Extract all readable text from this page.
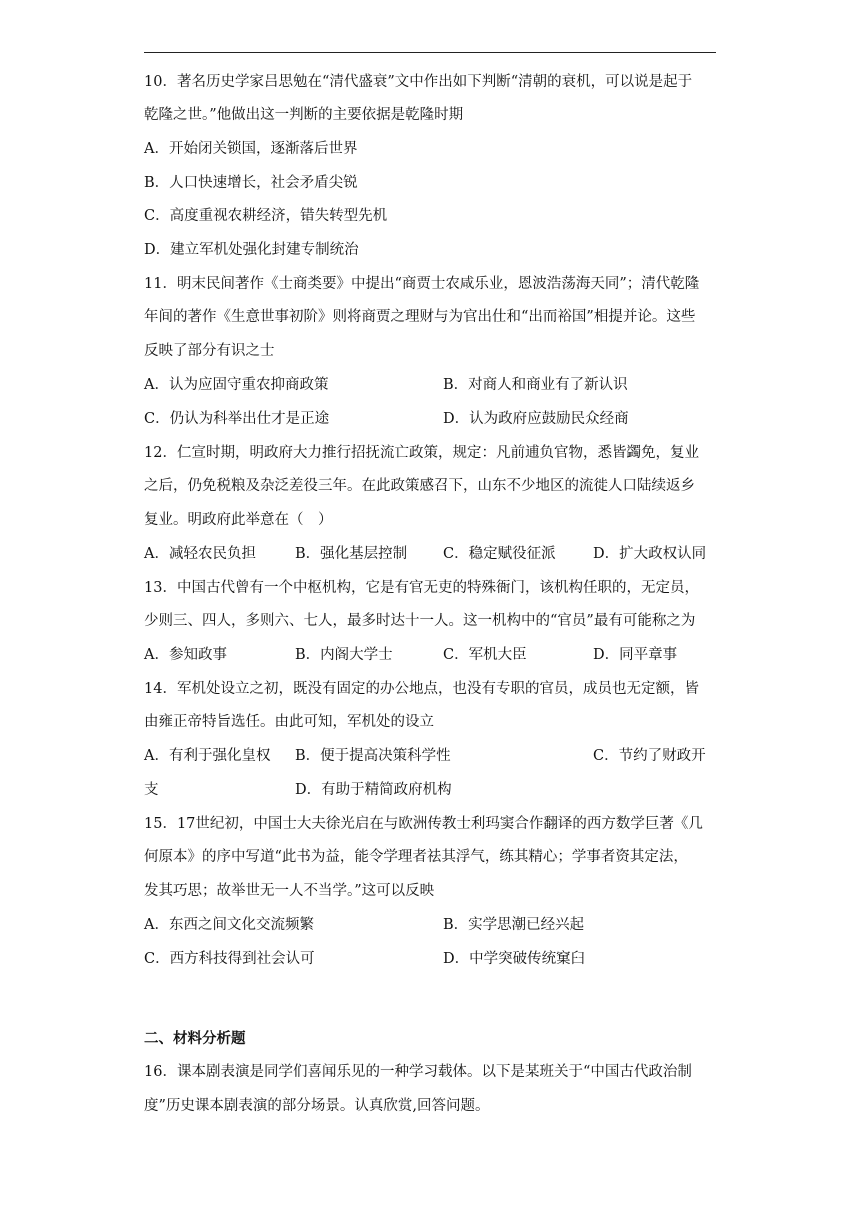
10．著名历史学家吕思勉在“清代盛衰”文中作出如下判断“清朝的衰机，可以说是起于
乾隆之世。”他做出这一判断的主要依据是乾隆时期
A．开始闭关锁国，逐渐落后世界
B．人口快速增长，社会矛盾尖锐
C．高度重视农耕经济，错失转型先机
D．建立军机处强化封建专制统治
11．明末民间著作《士商类要》中提出“商贾士农咸乐业，恩波浩荡海天同”；清代乾隆
年间的著作《生意世事初阶》则将商贾之理财与为官出仕和“出而裕国”相提并论。这些
反映了部分有识之士
A．认为应固守重农抑商政策	B．对商人和商业有了新认识
C．仍认为科举出仕才是正途	D．认为政府应鼓励民众经商
12．仁宣时期，明政府大力推行招抚流亡政策，规定：凡前逋负官物，悉皆蠲免，复业
之后，仍免税粮及杂泛差役三年。在此政策感召下，山东不少地区的流徙人口陆续返乡
复业。明政府此举意在（　）
A．减轻农民负担	B．强化基层控制 C．稳定赋役征派	D．扩大政权认同
13．中国古代曾有一个中枢机构，它是有官无吏的特殊衙门，该机构任职的，无定员，
少则三、四人，多则六、七人，最多时达十一人。这一机构中的“官员”最有可能称之为
A．参知政事	B．内阁大学士	C．军机大臣	D．同平章事
14．军机处设立之初，既没有固定的办公地点，也没有专职的官员，成员也无定额，皆
由雍正帝特旨选任。由此可知，军机处的设立
A．有利于强化皇权 B．便于提高决策科学性	C．节约了财政开
支	D．有助于精简政府机构
15．17世纪初，中国士大夫徐光启在与欧洲传教士利玛窦合作翻译的西方数学巨著《几
何原本》的序中写道“此书为益，能令学理者祛其浮气，练其精心；学事者资其定法，
发其巧思；故举世无一人不当学。”这可以反映
A．东西之间文化交流频繁	B．实学思潮已经兴起
C．西方科技得到社会认可	D．中学突破传统窠臼
二、材料分析题
16．课本剧表演是同学们喜闻乐见的一种学习载体。以下是某班关于“中国古代政治制
度”历史课本剧表演的部分场景。认真欣赏,回答问题。
